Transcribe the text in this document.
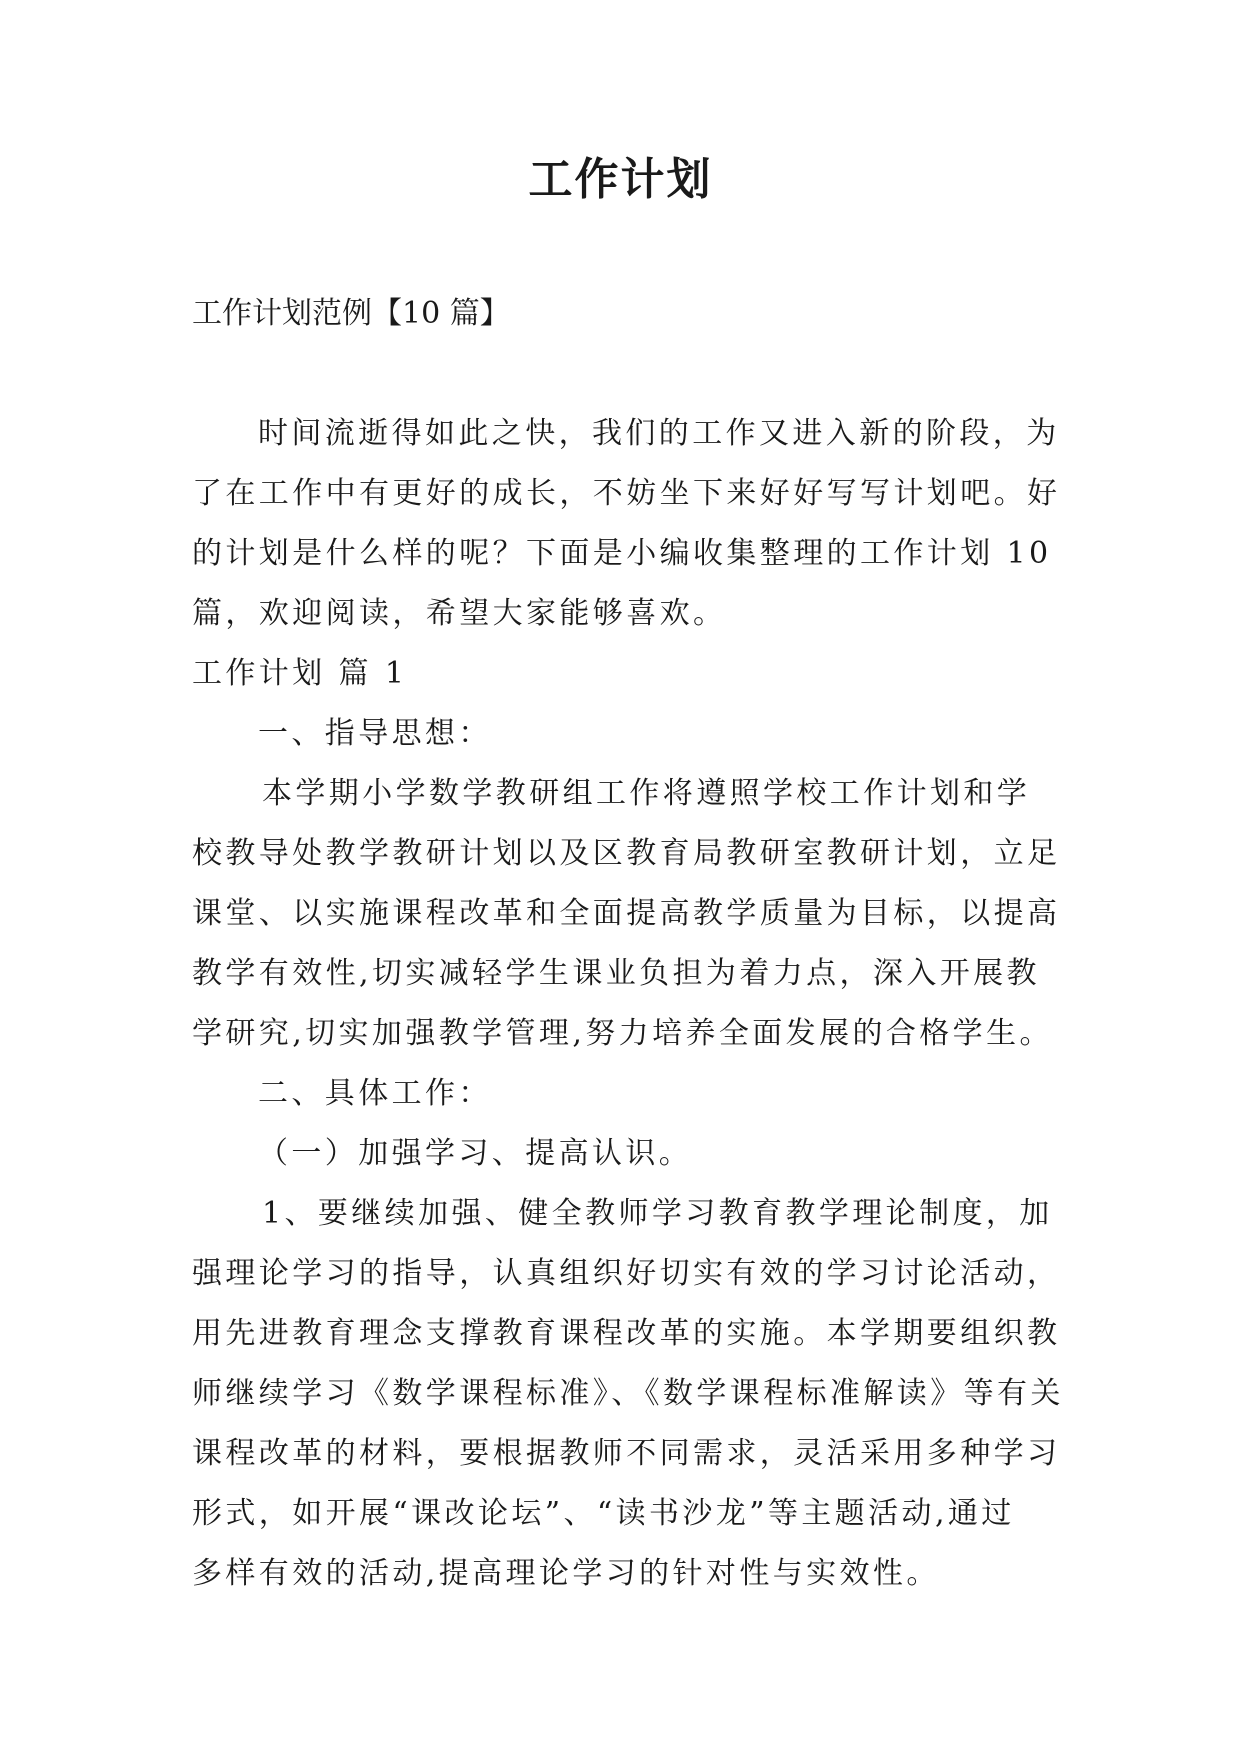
工作计划

工作计划范例【10 篇】

时间流逝得如此之快，我们的工作又进入新的阶段，为
了在工作中有更好的成长，不妨坐下来好好写写计划吧。好
的计划是什么样的呢？下面是小编收集整理的工作计划 10
篇，欢迎阅读，希望大家能够喜欢。
工作计划 篇 1
一、指导思想：
本学期小学数学教研组工作将遵照学校工作计划和学
校教导处教学教研计划以及区教育局教研室教研计划，立足
课堂、以实施课程改革和全面提高教学质量为目标，以提高
教学有效性,切实减轻学生课业负担为着力点，深入开展教
学研究,切实加强教学管理,努力培养全面发展的合格学生。
二、具体工作：
（一）加强学习、提高认识。
1、要继续加强、健全教师学习教育教学理论制度，加
强理论学习的指导，认真组织好切实有效的学习讨论活动，
用先进教育理念支撑教育课程改革的实施。本学期要组织教
师继续学习《数学课程标准》、《数学课程标准解读》等有关
课程改革的材料，要根据教师不同需求，灵活采用多种学习
形式，如开展“课改论坛”、“读书沙龙”等主题活动,通过
多样有效的活动,提高理论学习的针对性与实效性。
